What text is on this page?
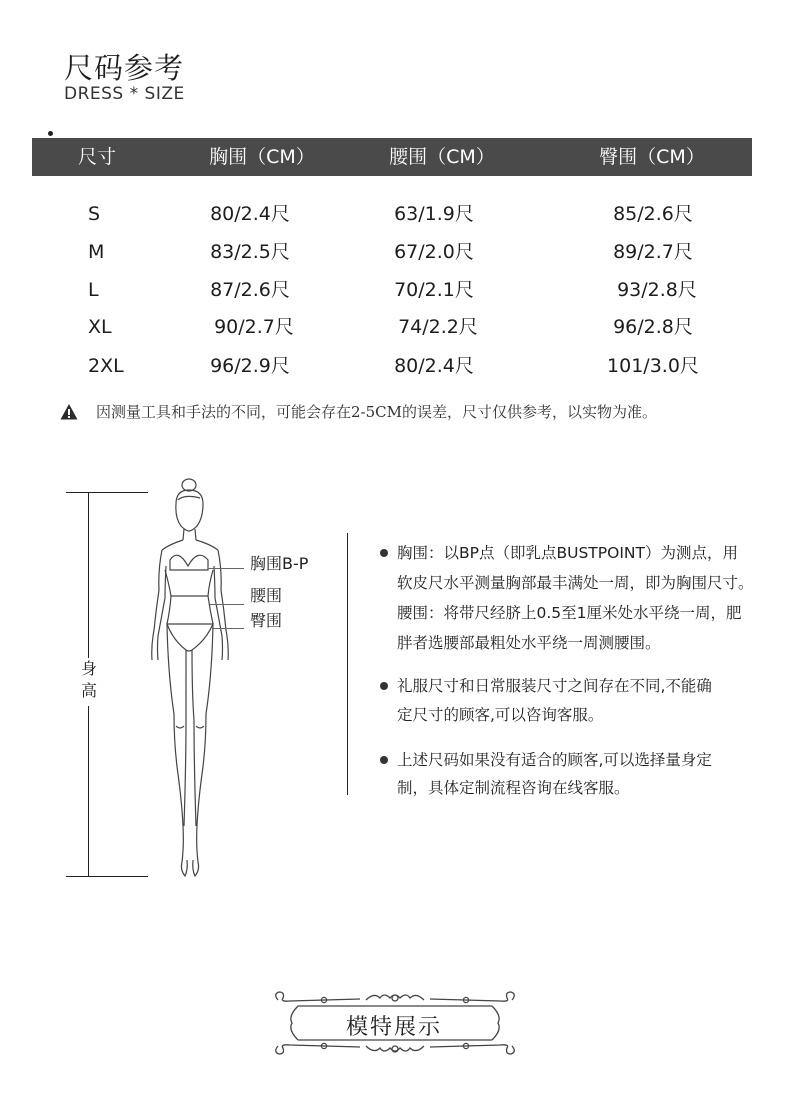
尺码参考
DRESS * SIZE
尺寸	胸围（CM）	腰围（CM）	臀围（CM）
S	80/2.4尺	63/1.9尺	85/2.6尺
M	83/2.5尺	67/2.0尺	89/2.7尺
L	87/2.6尺	70/2.1尺	93/2.8尺
XL	90/2.7尺	74/2.2尺	96/2.8尺
2XL	96/2.9尺	80/2.4尺	101/3.0尺
因测量工具和手法的不同，可能会存在2-5CM的误差，尺寸仅供参考，以实物为准。
身高
胸围B-P
腰围
臀围
胸围：以BP点（即乳点BUSTPOINT）为测点，用
软皮尺水平测量胸部最丰满处一周，即为胸围尺寸。
腰围：将带尺经脐上0.5至1厘米处水平绕一周，肥
胖者选腰部最粗处水平绕一周测腰围。
礼服尺寸和日常服装尺寸之间存在不同,不能确
定尺寸的顾客,可以咨询客服。
上述尺码如果没有适合的顾客,可以选择量身定
制，具体定制流程咨询在线客服。
模特展示
